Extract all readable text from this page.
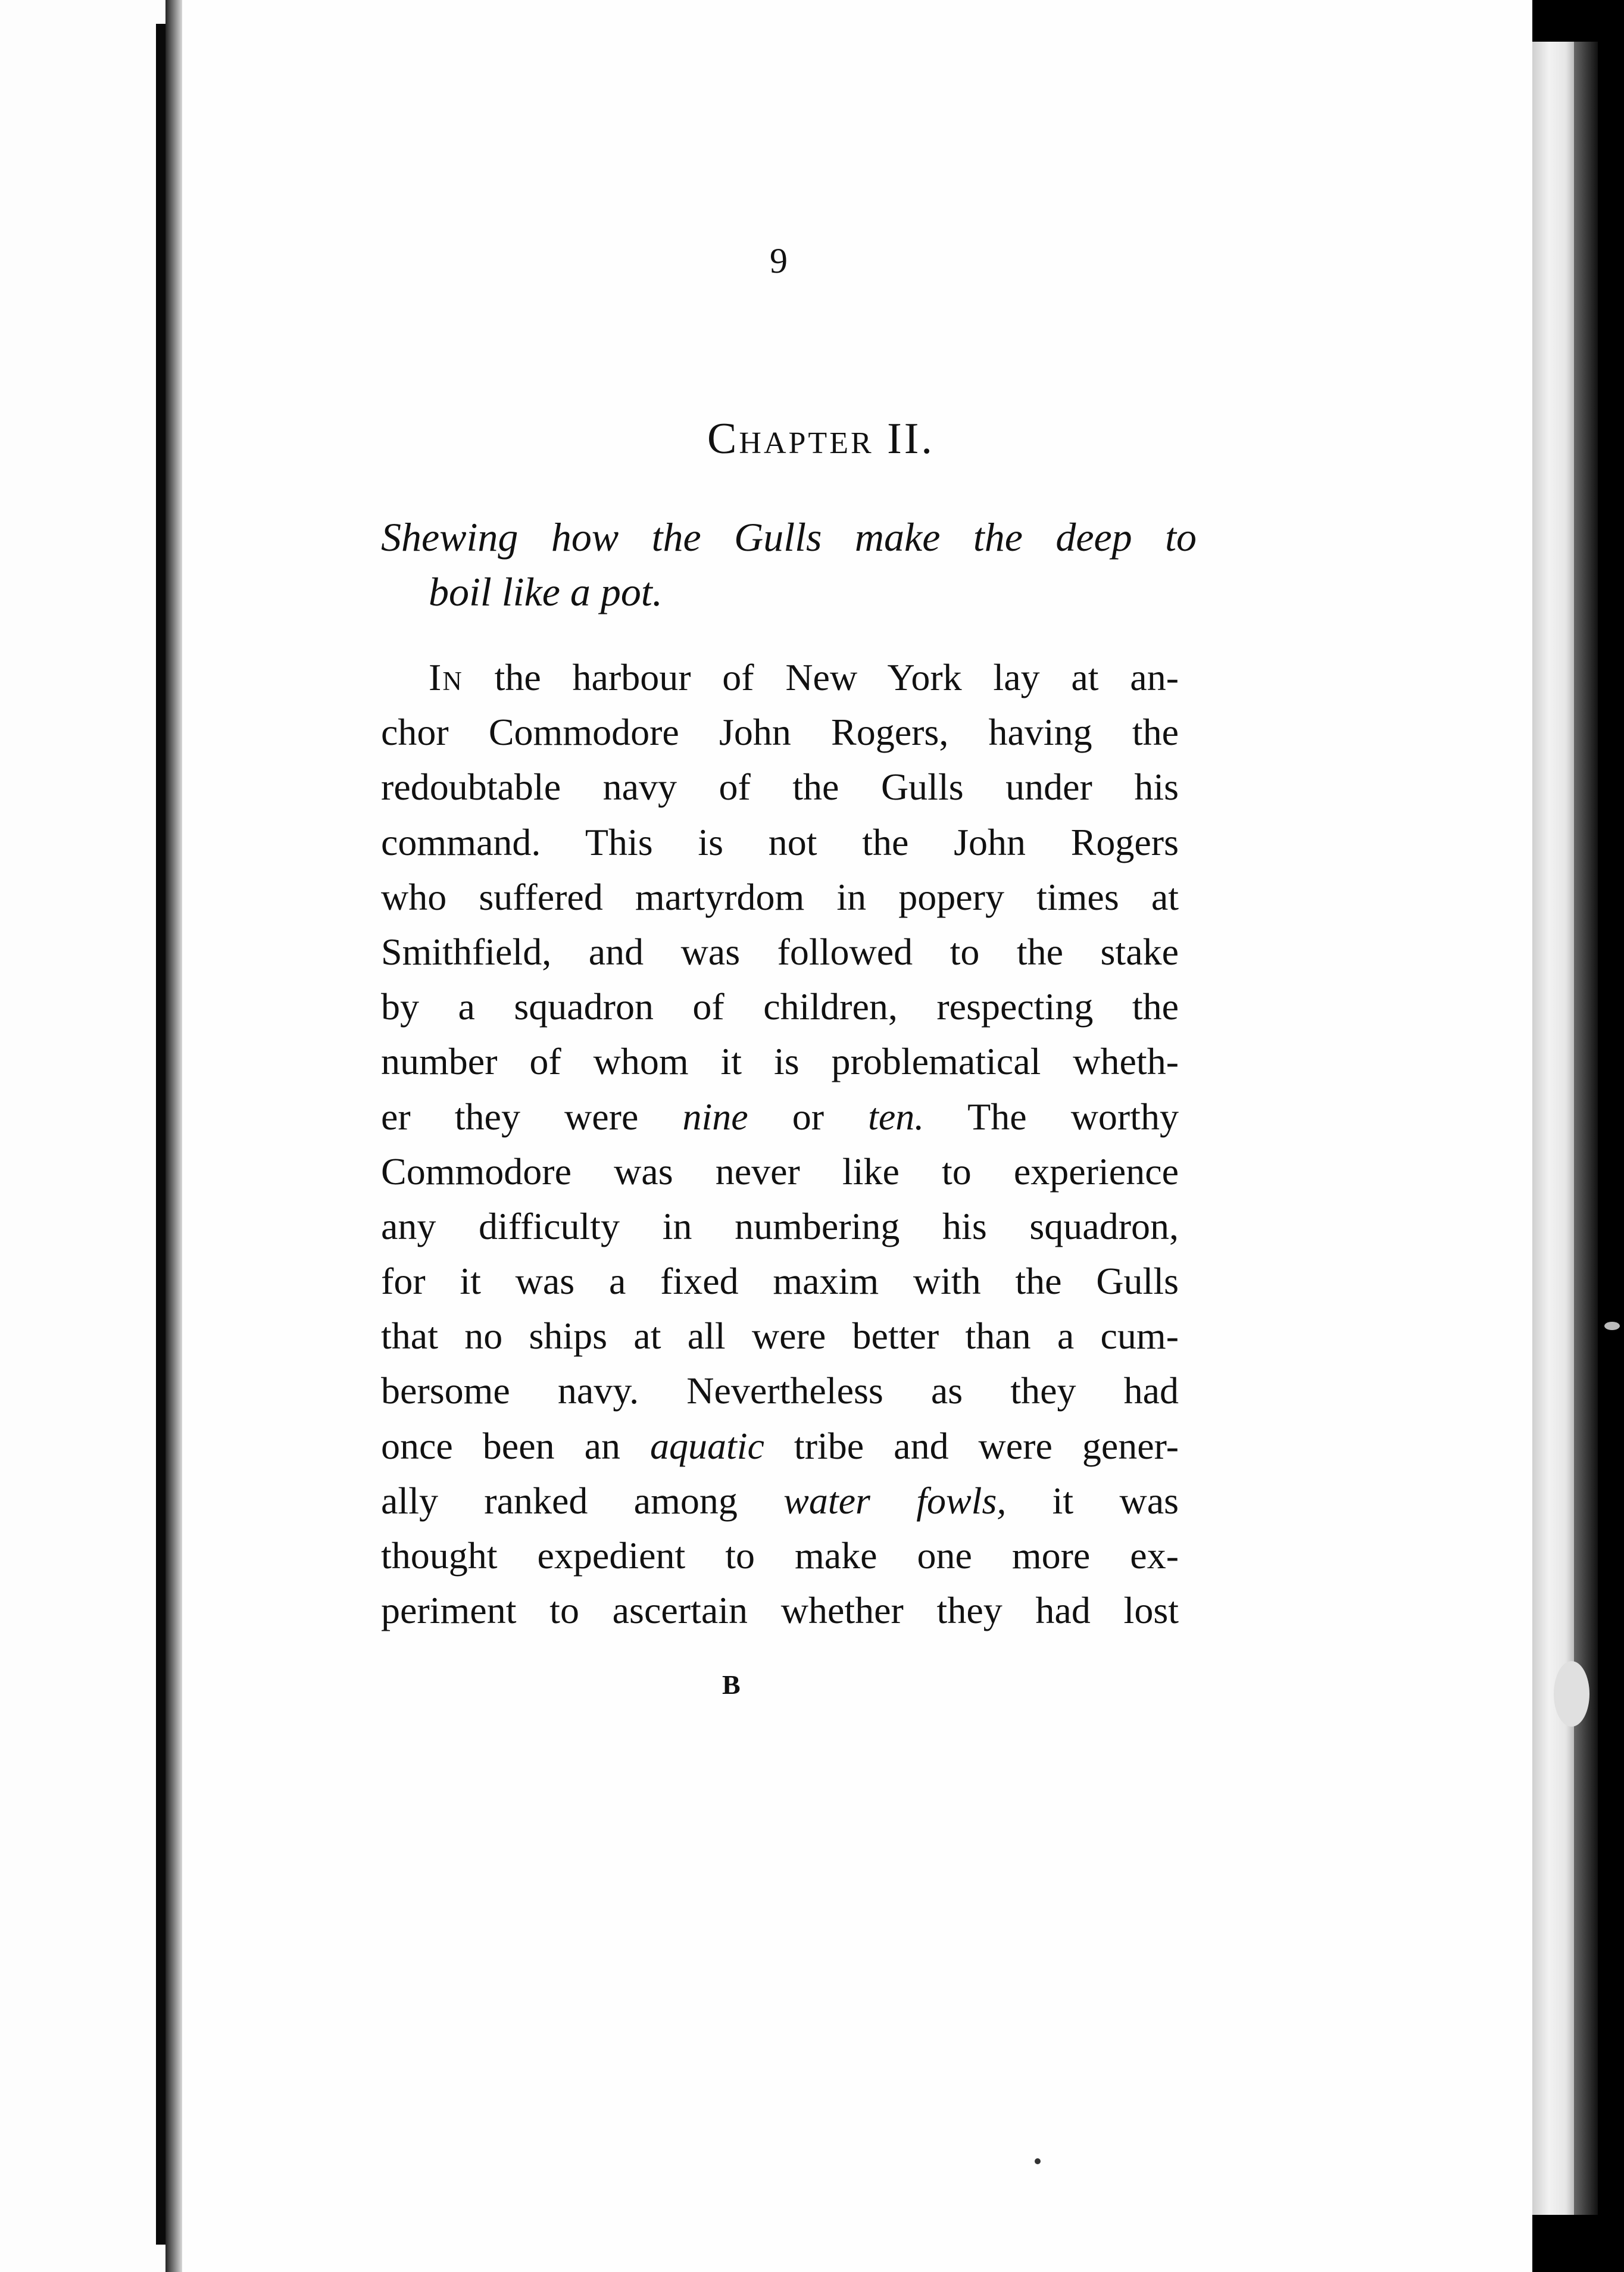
9
Chapter II.
Shewing how the Gulls make the deep to
boil like a pot.
In the harbour of New York lay at an-
chor Commodore John Rogers, having the
redoubtable navy of the Gulls under his
command. This is not the John Rogers
who suffered martyrdom in popery times at
Smithfield, and was followed to the stake
by a squadron of children, respecting the
number of whom it is problematical wheth-
er they were nine or ten. The worthy
Commodore was never like to experience
any difficulty in numbering his squadron,
for it was a fixed maxim with the Gulls
that no ships at all were better than a cum-
bersome navy. Nevertheless as they had
once been an aquatic tribe and were gener-
ally ranked among water fowls, it was
thought expedient to make one more ex-
periment to ascertain whether they had lost
B
